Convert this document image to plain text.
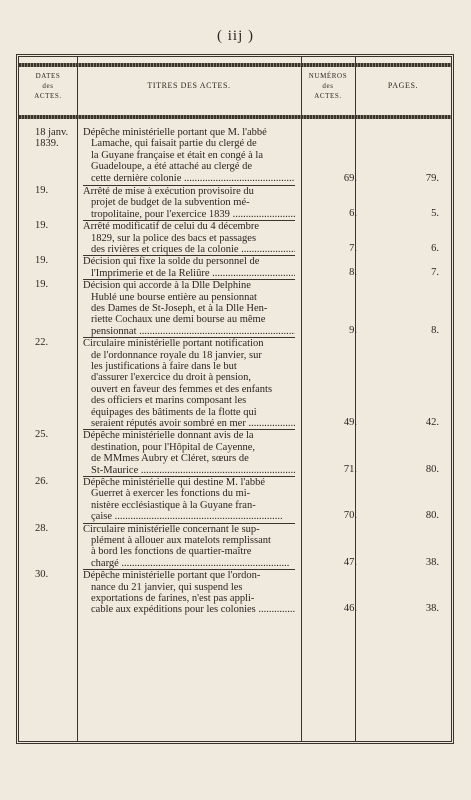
( iij )
DATES
des
ACTES.
TITRES DES ACTES.
NUMÉROS
des
ACTES.
PAGES.
18 janv.
1839.
Dépêche ministérielle portant que M. l'abbé
Lamache, qui faisait partie du clergé de
la Guyane française et était en congé à la
Guadeloupe, a été attaché au clergé de
cette dernière colonie .....	69.	79.
19.	Arrêté de mise à exécution provisoire du
projet de budget de la subvention mé-
tropolitaine, pour l'exercice 1839 .....	6.	5.
19.	Arrêté modificatif de celui du 4 décembre
1829, sur la police des bacs et passages
des rivières et criques de la colonie .....	7.	6.
19.	Décision qui fixe la solde du personnel de
l'Imprimerie et de la Reliûre .....	8.	7.
19.	Décision qui accorde à la Dlle Delphine
Hublé une bourse entière au pensionnat
des Dames de St-Joseph, et à la Dlle Hen-
riette Cochaux une demi bourse au même
pensionnat .....	9.	8.
22.	Circulaire ministérielle portant notification
de l'ordonnance royale du 18 janvier, sur
les justifications à faire dans le but
d'assurer l'exercice du droit à pension,
ouvert en faveur des femmes et des enfants
des officiers et marins composant les
équipages des bâtiments de la flotte qui
seraient réputés avoir sombré en mer .....	49.	42.
25.	Dépêche ministérielle donnant avis de la
destination, pour l'Hôpital de Cayenne,
de MMmes Aubry et Cléret, sœurs de
St-Maurice .....	71.	80.
26.	Dépêche ministérielle qui destine M. l'abbé
Guerret à exercer les fonctions du mi-
nistère ecclésiastique à la Guyane fran-
çaise .....	70.	80.
28.	Circulaire ministérielle concernant le sup-
plément à allouer aux matelots remplissant
à bord les fonctions de quartier-maître
chargé .....	47.	38.
30.	Dépêche ministérielle portant que l'ordon-
nance du 21 janvier, qui suspend les
exportations de farines, n'est pas appli-
cable aux expéditions pour les colonies .....	46.	38.
